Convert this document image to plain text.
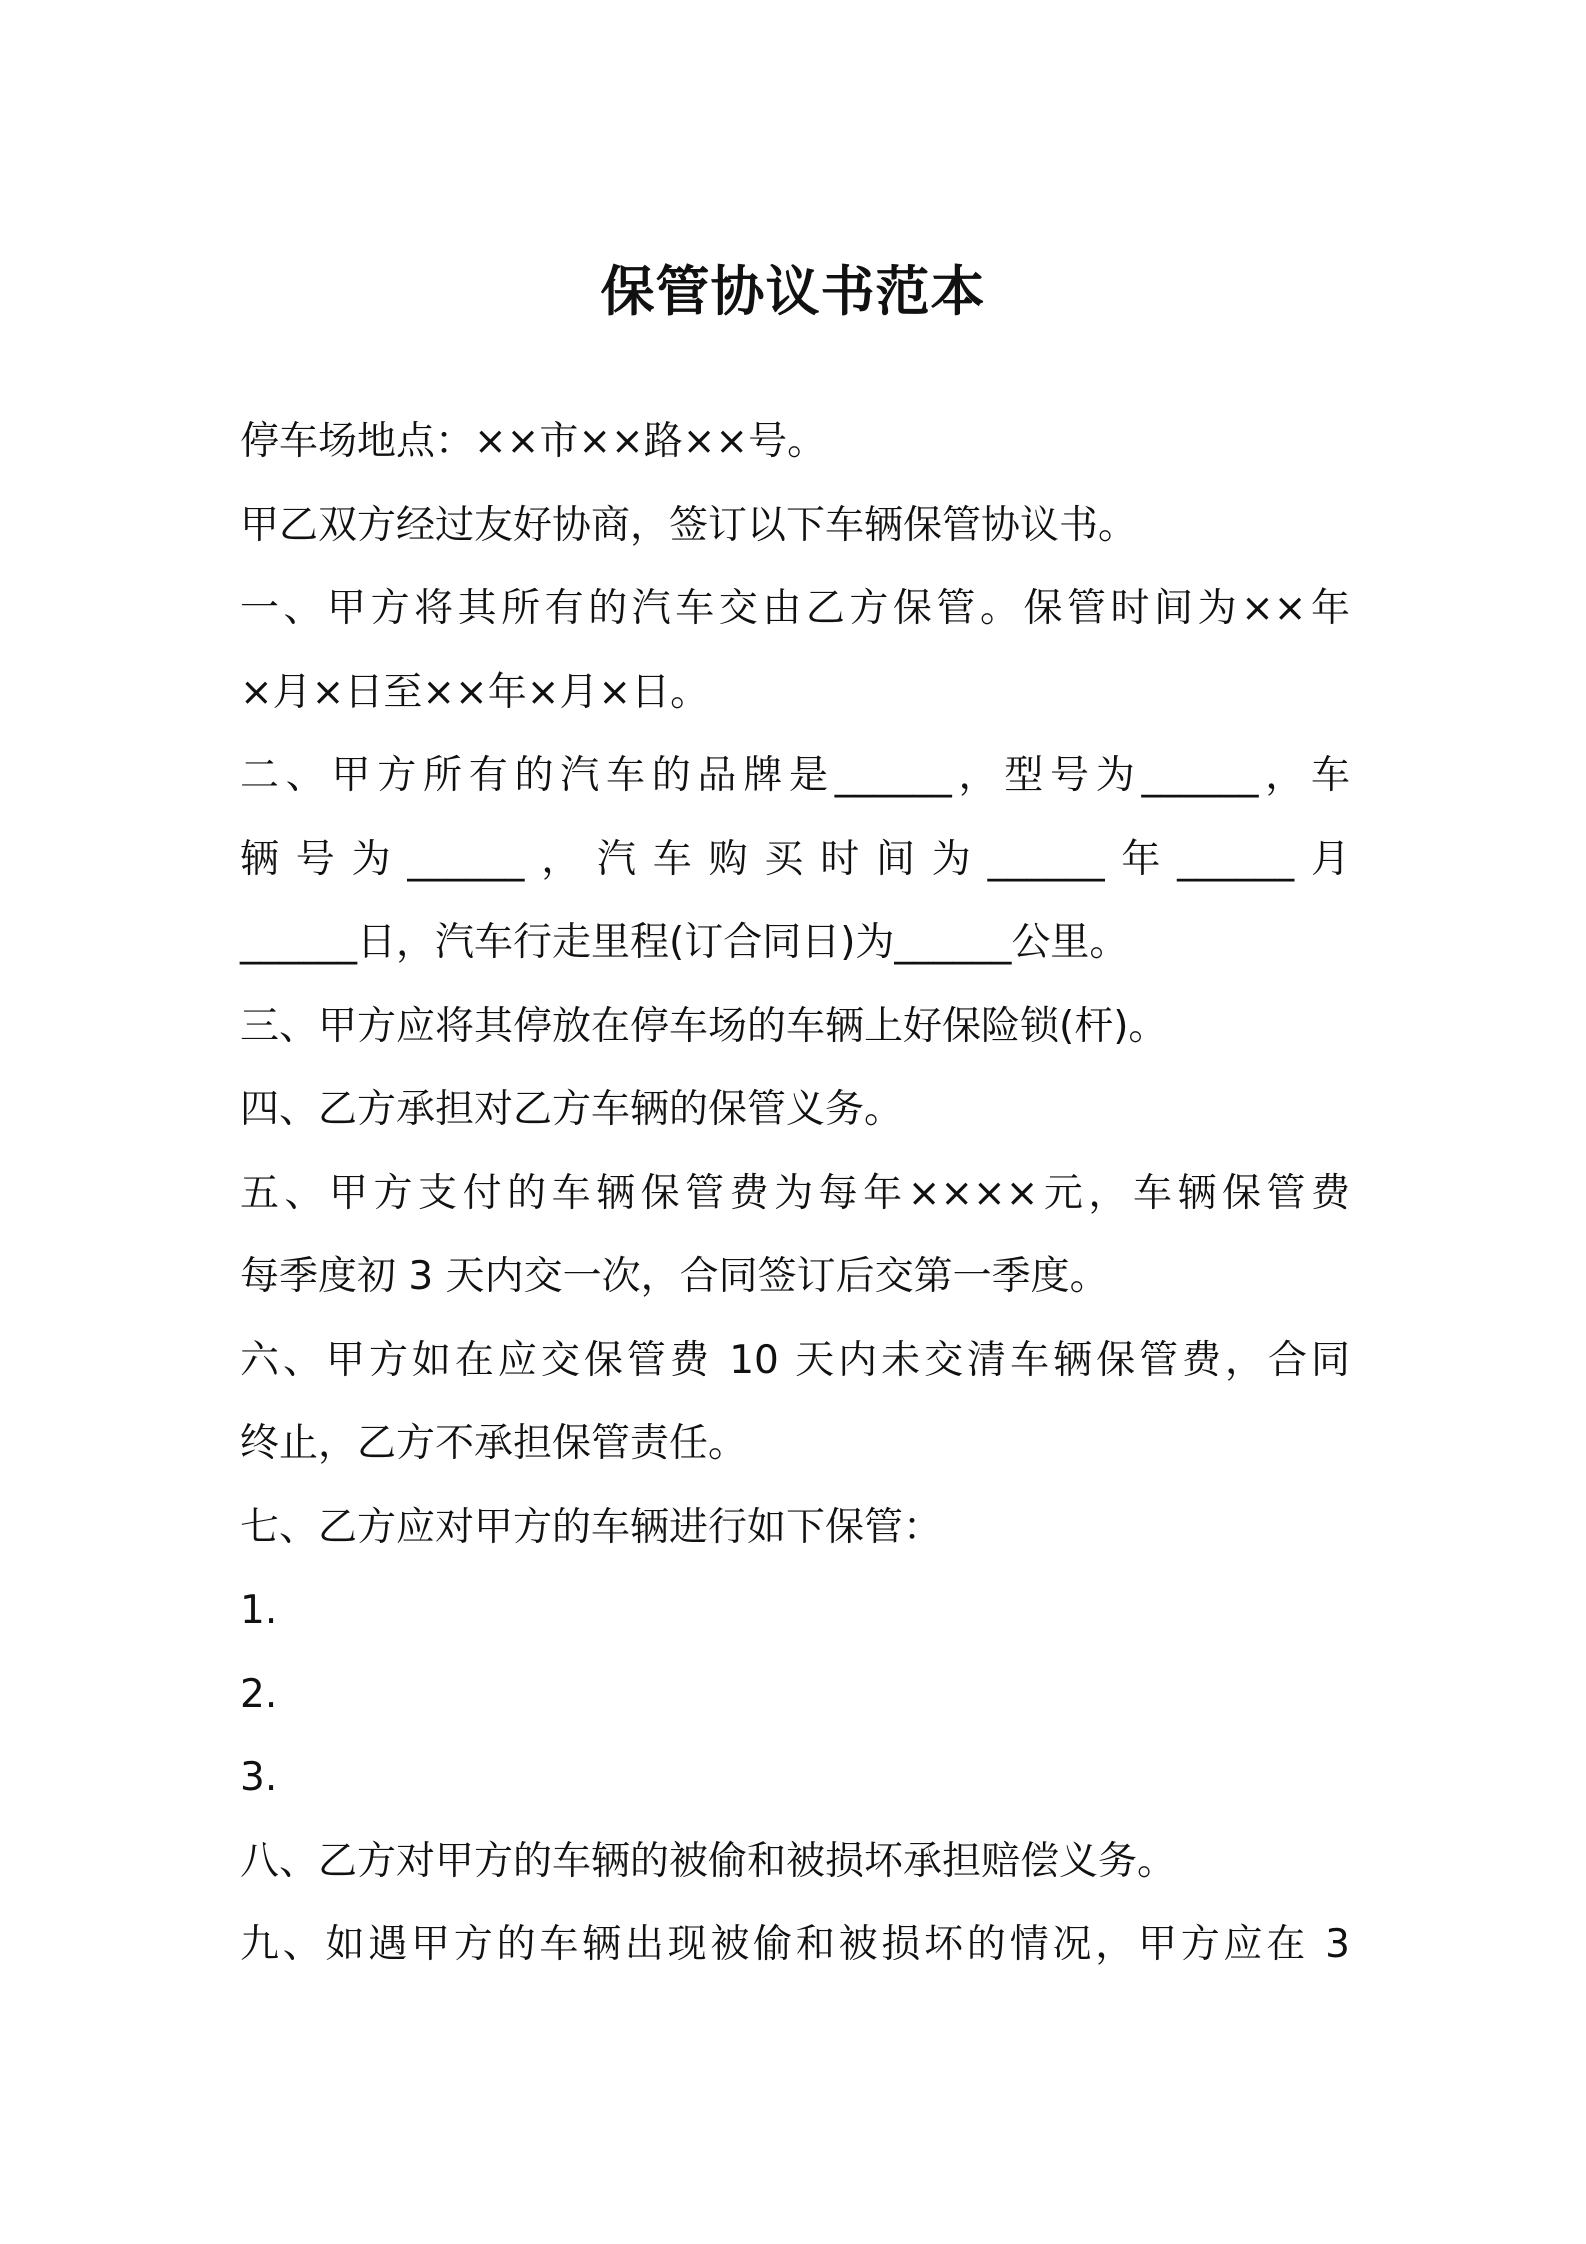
保管协议书范本

停车场地点：××市××路××号。

甲乙双方经过友好协商，签订以下车辆保管协议书。

一、甲方将其所有的汽车交由乙方保管。保管时间为××年

×月×日至××年×月×日。

二、甲方所有的汽车的品牌是______，型号为______，车

辆号为______，汽车购买时间为______年______月

______日，汽车行走里程(订合同日)为______公里。

三、甲方应将其停放在停车场的车辆上好保险锁(杆)。

四、乙方承担对乙方车辆的保管义务。

五、甲方支付的车辆保管费为每年××××元，车辆保管费

每季度初 3 天内交一次，合同签订后交第一季度。

六、甲方如在应交保管费 10 天内未交清车辆保管费，合同

终止，乙方不承担保管责任。

七、乙方应对甲方的车辆进行如下保管：

1.

2.

3.

八、乙方对甲方的车辆的被偷和被损坏承担赔偿义务。

九、如遇甲方的车辆出现被偷和被损坏的情况，甲方应在 3
